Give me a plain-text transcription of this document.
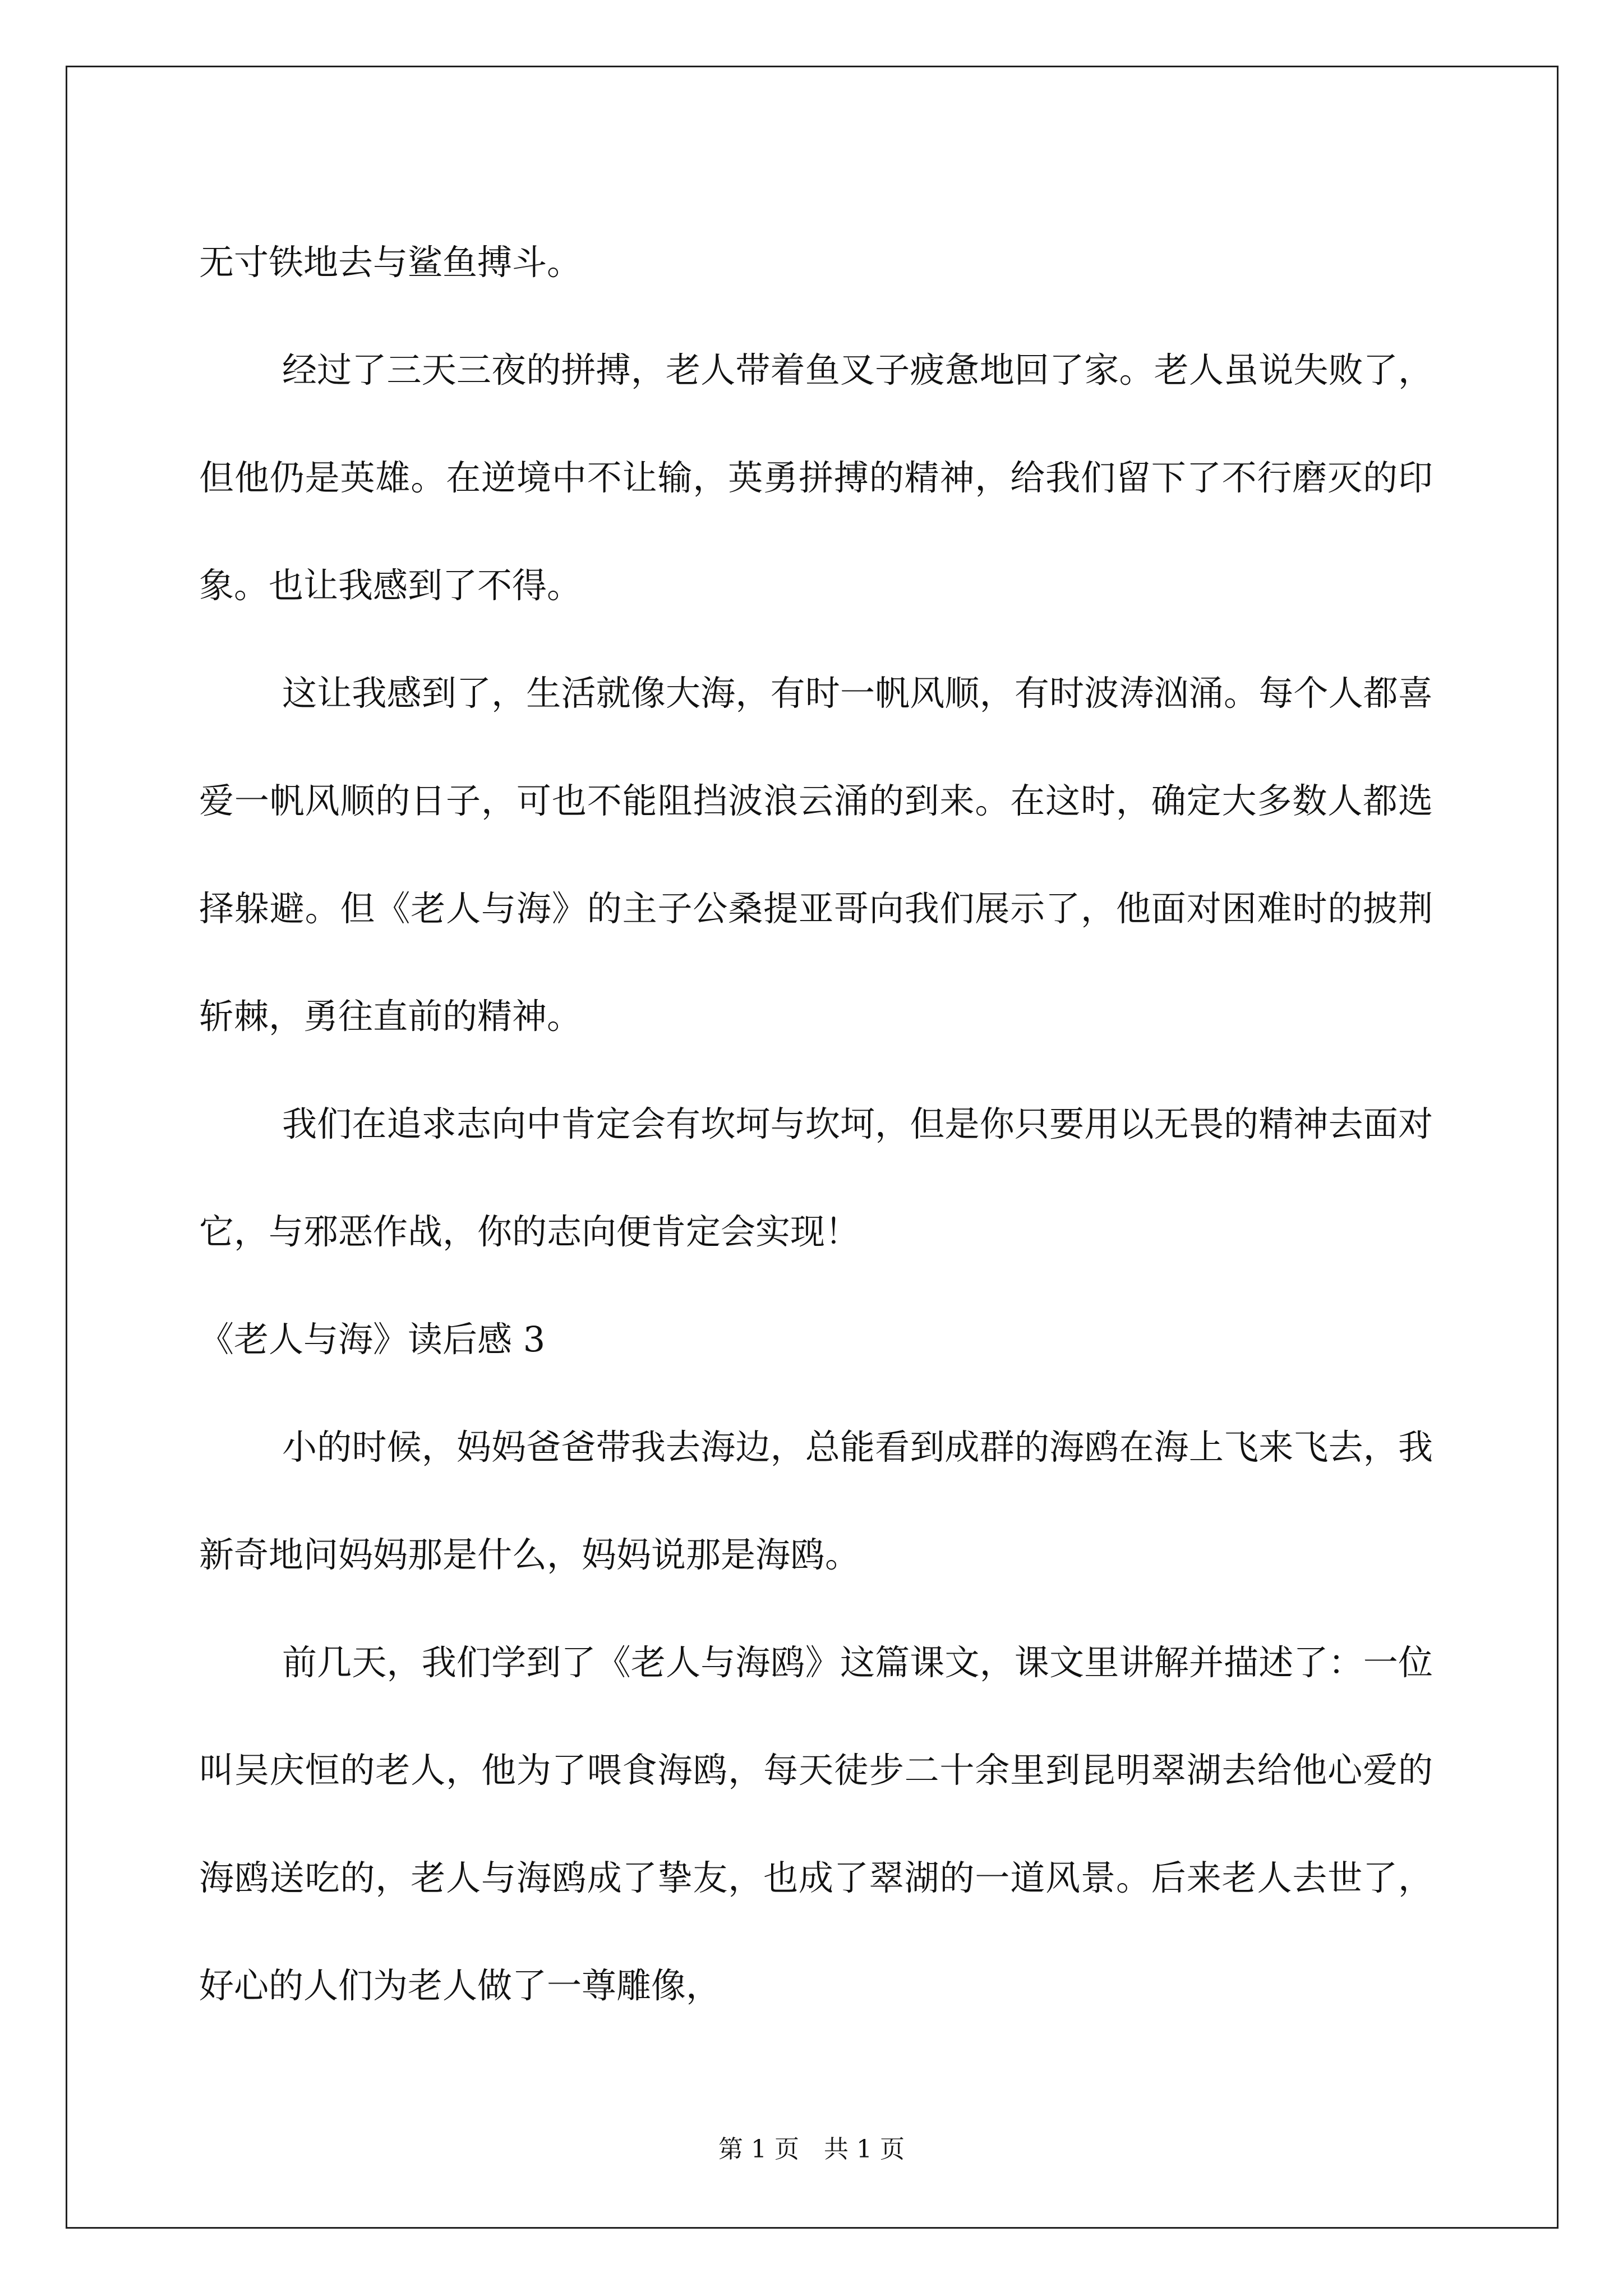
无寸铁地去与鲨鱼搏斗。

经过了三天三夜的拼搏，老人带着鱼叉子疲惫地回了家。老人虽说失败了，但他仍是英雄。在逆境中不让输，英勇拼搏的精神，给我们留下了不行磨灭的印象。也让我感到了不得。

这让我感到了，生活就像大海，有时一帆风顺，有时波涛汹涌。每个人都喜爱一帆风顺的日子，可也不能阻挡波浪云涌的到来。在这时，确定大多数人都选择躲避。但《老人与海》的主子公桑提亚哥向我们展示了，他面对困难时的披荆斩棘，勇往直前的精神。

我们在追求志向中肯定会有坎坷与坎坷，但是你只要用以无畏的精神去面对它，与邪恶作战，你的志向便肯定会实现！

《老人与海》读后感 3

小的时候，妈妈爸爸带我去海边，总能看到成群的海鸥在海上飞来飞去，我新奇地问妈妈那是什么，妈妈说那是海鸥。

前几天，我们学到了《老人与海鸥》这篇课文，课文里讲解并描述了：一位叫吴庆恒的老人，他为了喂食海鸥，每天徒步二十余里到昆明翠湖去给他心爱的海鸥送吃的，老人与海鸥成了挚友，也成了翠湖的一道风景。后来老人去世了，好心的人们为老人做了一尊雕像，

第 1 页　共 1 页
